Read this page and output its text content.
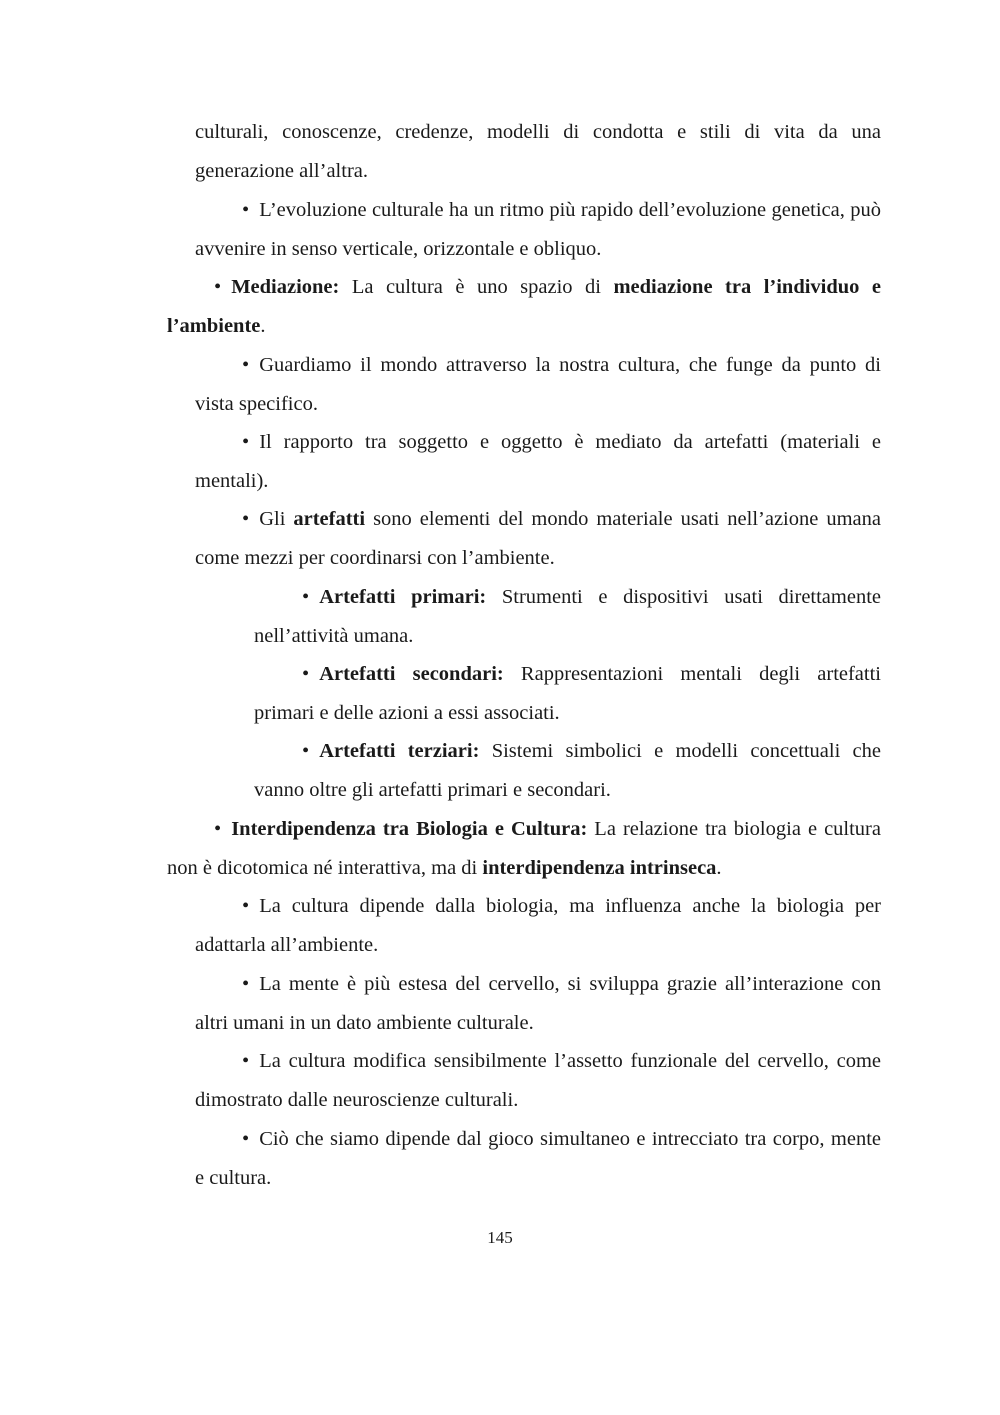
culturali, conoscenze, credenze, modelli di condotta e stili di vita da una generazione all’altra.

• L’evoluzione culturale ha un ritmo più rapido dell’evoluzione genetica, può avvenire in senso verticale, orizzontale e obliquo.

• Mediazione: La cultura è uno spazio di mediazione tra l’individuo e l’ambiente.

• Guardiamo il mondo attraverso la nostra cultura, che funge da punto di vista specifico.

• Il rapporto tra soggetto e oggetto è mediato da artefatti (materiali e mentali).

• Gli artefatti sono elementi del mondo materiale usati nell’azione umana come mezzi per coordinarsi con l’ambiente.

• Artefatti primari: Strumenti e dispositivi usati direttamente nell’attività umana.

• Artefatti secondari: Rappresentazioni mentali degli artefatti primari e delle azioni a essi associati.

• Artefatti terziari: Sistemi simbolici e modelli concettuali che vanno oltre gli artefatti primari e secondari.

• Interdipendenza tra Biologia e Cultura: La relazione tra biologia e cultura non è dicotomica né interattiva, ma di interdipendenza intrinseca.

• La cultura dipende dalla biologia, ma influenza anche la biologia per adattarla all’ambiente.

• La mente è più estesa del cervello, si sviluppa grazie all’interazione con altri umani in un dato ambiente culturale.

• La cultura modifica sensibilmente l’assetto funzionale del cervello, come dimostrato dalle neuroscienze culturali.

• Ciò che siamo dipende dal gioco simultaneo e intrecciato tra corpo, mente e cultura.

145
